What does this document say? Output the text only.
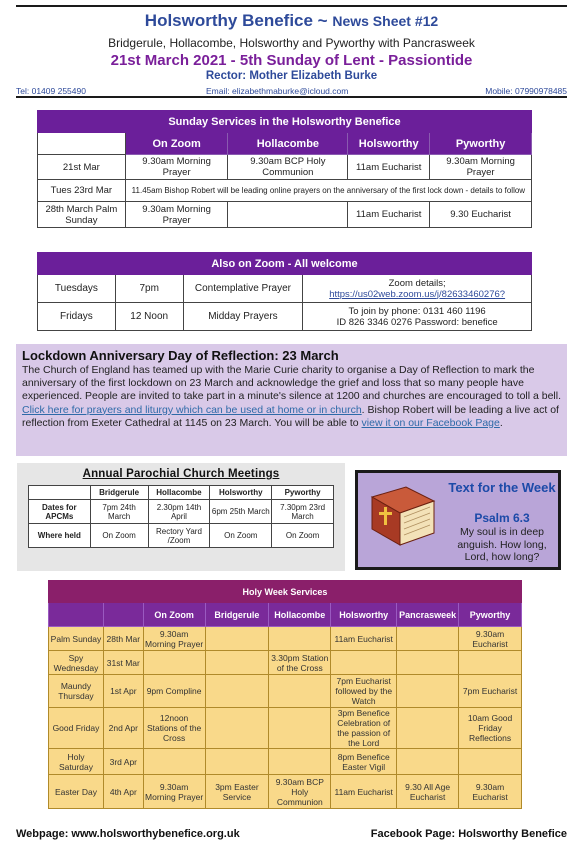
Holsworthy Benefice ~ News Sheet #12
Bridgerule, Hollacombe, Holsworthy and Pyworthy with Pancrasweek
21st March 2021 - 5th Sunday of Lent - Passiontide
Rector: Mother Elizabeth Burke
Tel: 01409 255490	Email: elizabethmaburke@icloud.com	Mobile: 07990978485
Sunday Services in the Holsworthy Benefice				
	On Zoom	Hollacombe	Holsworthy	Pyworthy
21st Mar	9.30am Morning Prayer	9.30am BCP Holy Communion	11am Eucharist	9.30am Morning Prayer
Tues 23rd Mar	11.45am Bishop Robert will be leading online prayers on the anniversary of the first lock down - details to follow			
28th March Palm Sunday	9.30am Morning Prayer		11am Eucharist	9.30 Eucharist
Also on Zoom - All welcome			
Tuesdays	7pm	Contemplative Prayer	Zoom details;
https://us02web.zoom.us/j/82633460276?

Fridays	12 Noon	Midday Prayers	To join by phone: 0131 460 1196
ID 826 3346 0276 Password: benefice
Lockdown Anniversary Day of Reflection: 23 March

The Church of England has teamed up with the Marie Curie charity to organise a Day of Reflection to mark the anniversary of the first lockdown on 23 March and acknowledge the grief and loss that so many people have experienced. People are invited to take part in a minute's silence at 1200 and churches are encouraged to toll a bell. Click here for prayers and liturgy which can be used at home or in church. Bishop Robert will be leading a live act of reflection from Exeter Cathedral at 1145 on 23 March. You will be able to view it on our Facebook Page.

Annual Parochial Church Meetings
	Bridgerule	Hollacombe	Holsworthy	Pyworthy
Dates for APCMs	7pm 24th March	2.30pm 14th April	6pm 25th March	7.30pm 23rd March
Where held	On Zoom	Rectory Yard /Zoom	On Zoom	On Zoom
Text for the Week
Psalm 6.3
My soul is in deep anguish. How long, Lord, how long?
Holy Week Services							
		On Zoom	Bridgerule	Hollacombe	Holsworthy	Pancrasweek	Pyworthy
Palm Sunday	28th Mar	9.30am Morning Prayer			11am Eucharist		9.30am Eucharist
Spy Wednesday	31st Mar			3.30pm Station of the Cross			
Maundy Thursday	1st Apr	9pm Compline			7pm Eucharist followed by the Watch		7pm Eucharist
Good Friday	2nd Apr	12noon Stations of the Cross			3pm Benefice Celebration of the passion of the Lord		10am Good Friday Reflections
Holy Saturday	3rd Apr				8pm Benefice Easter Vigil		
Easter Day	4th Apr	9.30am Morning Prayer	3pm Easter Service	9.30am BCP Holy Communion	11am Eucharist	9.30 All Age Eucharist	9.30am Eucharist
Webpage: www.holsworthybenefice.org.uk	Facebook Page: Holsworthy Benefice
